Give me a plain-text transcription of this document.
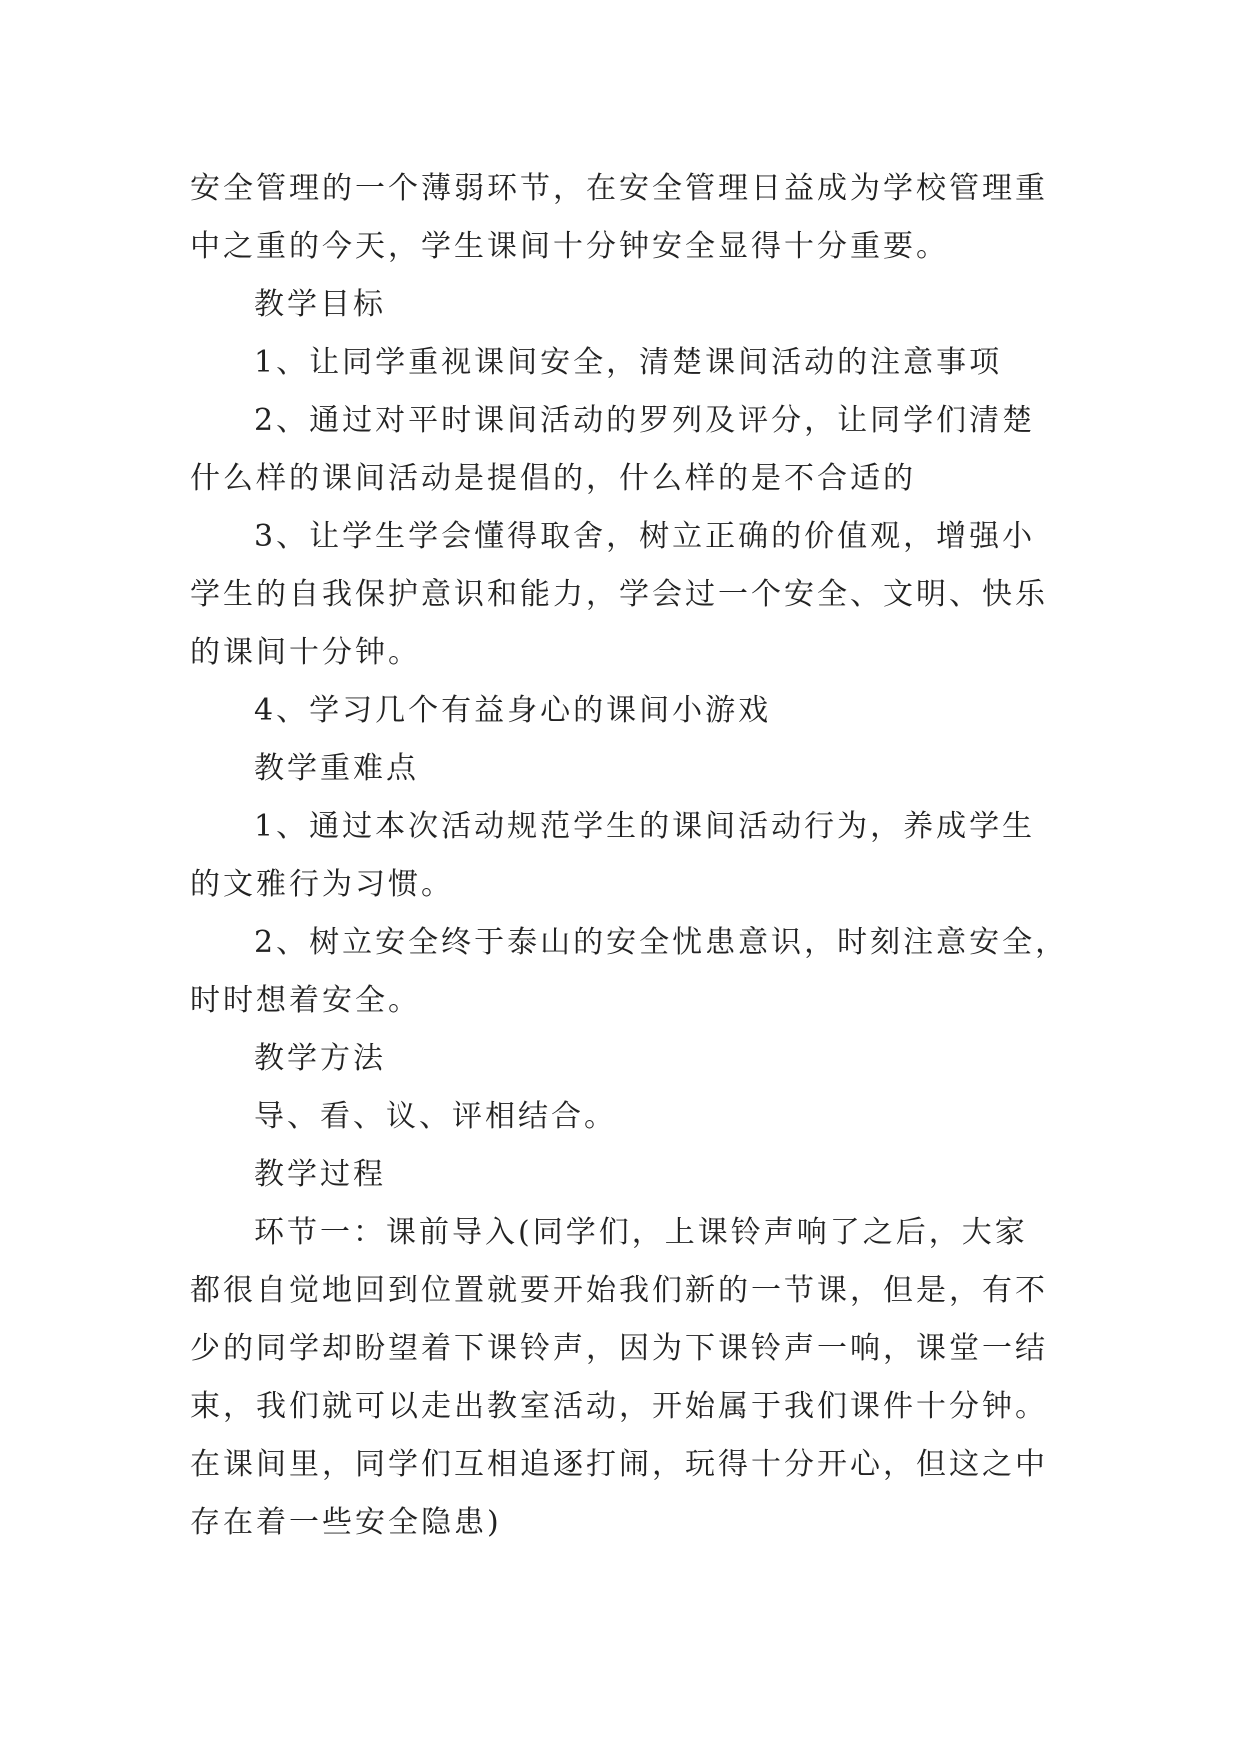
安全管理的一个薄弱环节，在安全管理日益成为学校管理重
中之重的今天，学生课间十分钟安全显得十分重要。
教学目标
1、让同学重视课间安全，清楚课间活动的注意事项
2、通过对平时课间活动的罗列及评分，让同学们清楚
什么样的课间活动是提倡的，什么样的是不合适的
3、让学生学会懂得取舍，树立正确的价值观，增强小
学生的自我保护意识和能力，学会过一个安全、文明、快乐
的课间十分钟。
4、学习几个有益身心的课间小游戏
教学重难点
1、通过本次活动规范学生的课间活动行为，养成学生
的文雅行为习惯。
2、树立安全终于泰山的安全忧患意识，时刻注意安全，
时时想着安全。
教学方法
导、看、议、评相结合。
教学过程
环节一：课前导入(同学们，上课铃声响了之后，大家
都很自觉地回到位置就要开始我们新的一节课，但是，有不
少的同学却盼望着下课铃声，因为下课铃声一响，课堂一结
束，我们就可以走出教室活动，开始属于我们课件十分钟。
在课间里，同学们互相追逐打闹，玩得十分开心，但这之中
存在着一些安全隐患)
